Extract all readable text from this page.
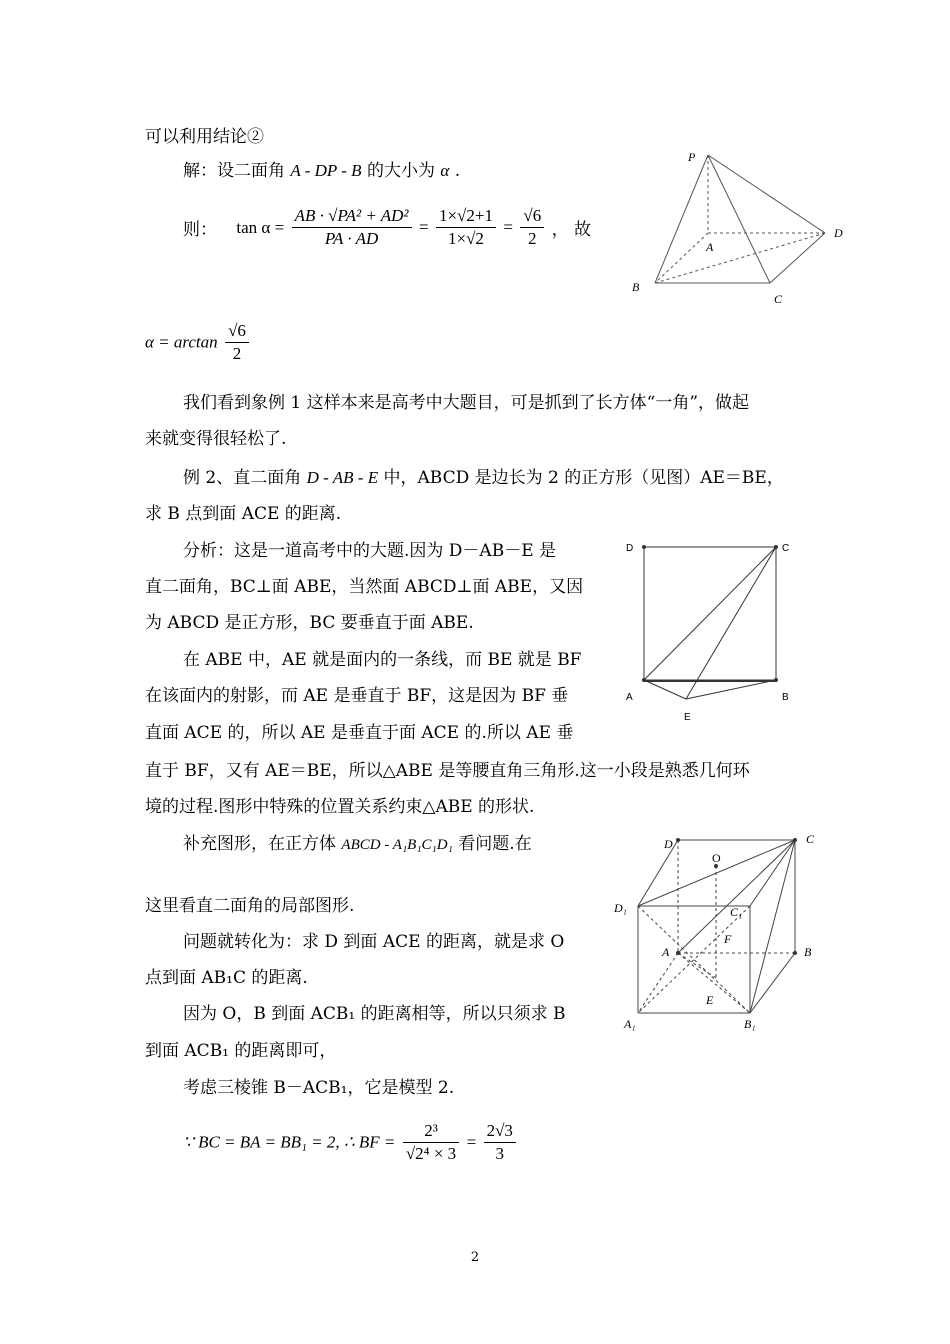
可以利用结论②
解：设二面角 A - DP - B 的大小为 α .
则： $\tan \alpha = \frac{\text{AB · √PA² + AD²}}{PA \cdot AD} = \frac{1\times√2+1}{1\times√2} = \frac{√6}{2}$ ， 故
$\alpha = \arctan \frac{√6}{2}$
我们看到象例 1 这样本来是高考中大题目，可是抓到了长方体“一角”，做起
来就变得很轻松了.
例 2、直二面角 D - AB - E 中，ABCD 是边长为 2 的正方形（见图）AE＝BE，
求 B 点到面 ACE 的距离.
分析：这是一道高考中的大题.因为 D－AB－E 是
直二面角，BC⊥面 ABE，当然面 ABCD⊥面 ABE，又因
为 ABCD 是正方形，BC 要垂直于面 ABE.
在 ABE 中，AE 就是面内的一条线，而 BE 就是 BF
在该面内的射影，而 AE 是垂直于 BF，这是因为 BF 垂
直面 ACE 的，所以 AE 是垂直于面 ACE 的.所以 AE 垂
直于 BF，又有 AE＝BE，所以△ABE 是等腰直角三角形.这一小段是熟悉几何环
境的过程.图形中特殊的位置关系约束△ABE 的形状.
补充图形，在正方体 ABCD - A₁B₁C₁D₁ 看问题.在
这里看直二面角的局部图形.
问题就转化为：求 D 到面 ACE 的距离，就是求 O
点到面 AB₁C 的距离.
因为 O，B 到面 ACB₁ 的距离相等，所以只须求 B
到面 ACB₁ 的距离即可，
考虑三棱锥 B－ACB₁，它是模型 2.
∵ BC = BA = BB₁ = 2, ∴ BF = $\frac{\text{2³}}{\text{√2⁴ × 3}} = \frac{2√3}{3}$
P
A
B
C
D
D	C
A	B
E
D	C
O
D₁	C₁
F
A	B
E
A₁	B₁
2
